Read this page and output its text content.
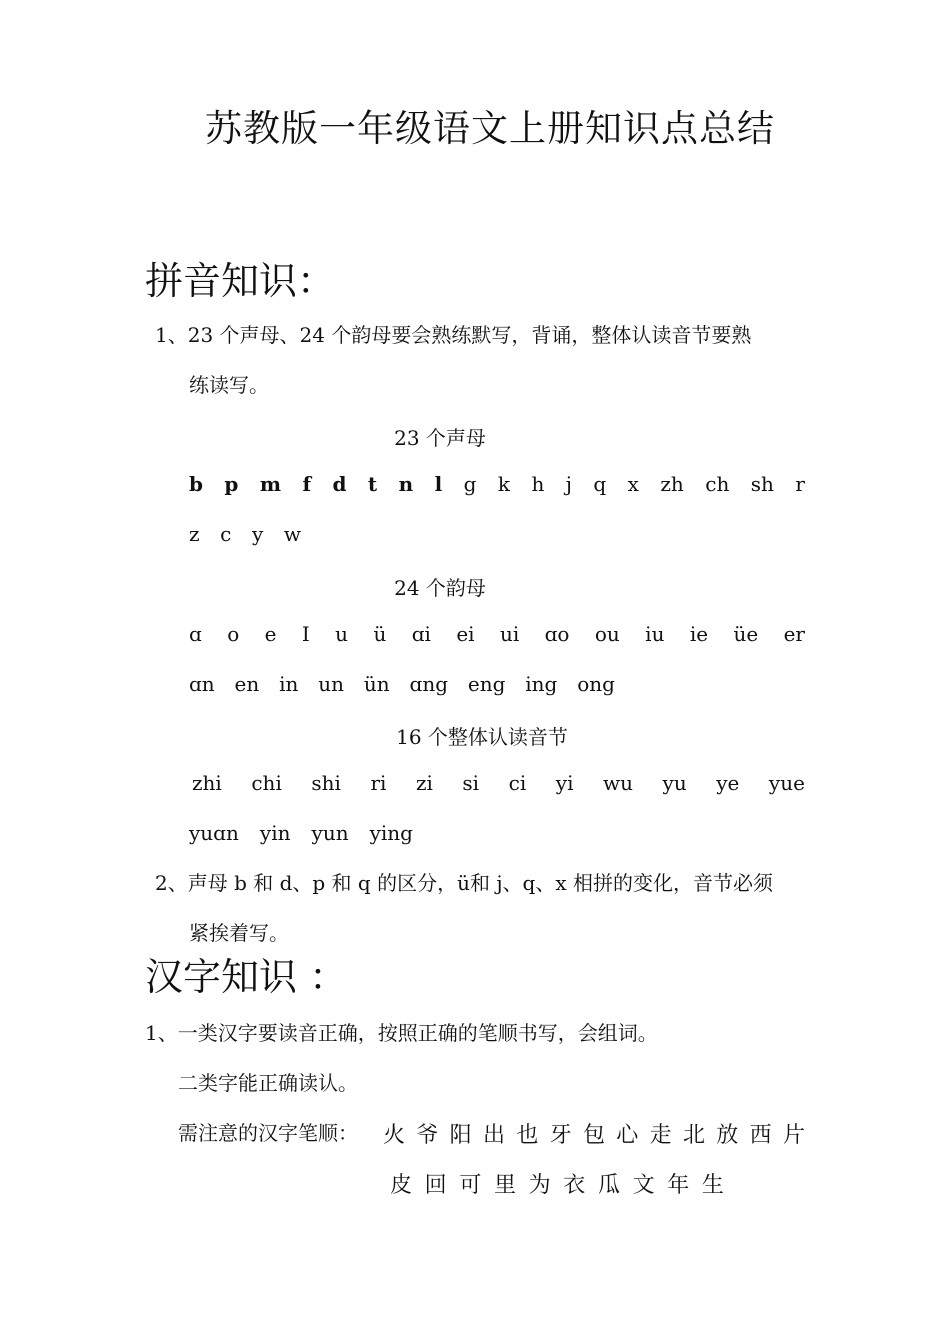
苏教版一年级语文上册知识点总结
拼音知识：
1、23 个声母、24 个韵母要会熟练默写，背诵，整体认读音节要熟
练读写。
23 个声母
b p m f d t n l g k h j q x zh ch sh r
z c y w
24 个韵母
ɑ o e I u ü ɑi ei ui ɑo ou iu ie üe er
ɑn en in un ün ɑng eng ing ong
16 个整体认读音节
zhi chi shi ri zi si ci yi wu yu ye yue
yuɑn yin yun ying
2、声母 b 和 d、p 和 q 的区分，ü和 j、q、x 相拼的变化，音节必须
紧挨着写。
汉字知识 ：
1、一类汉字要读音正确，按照正确的笔顺书写，会组词。
二类字能正确读认。
需注意的汉字笔顺： 火 爷 阳 出 也 牙 包 心 走 北 放 西 片
皮 回 可 里 为 衣 瓜 文 年 生
